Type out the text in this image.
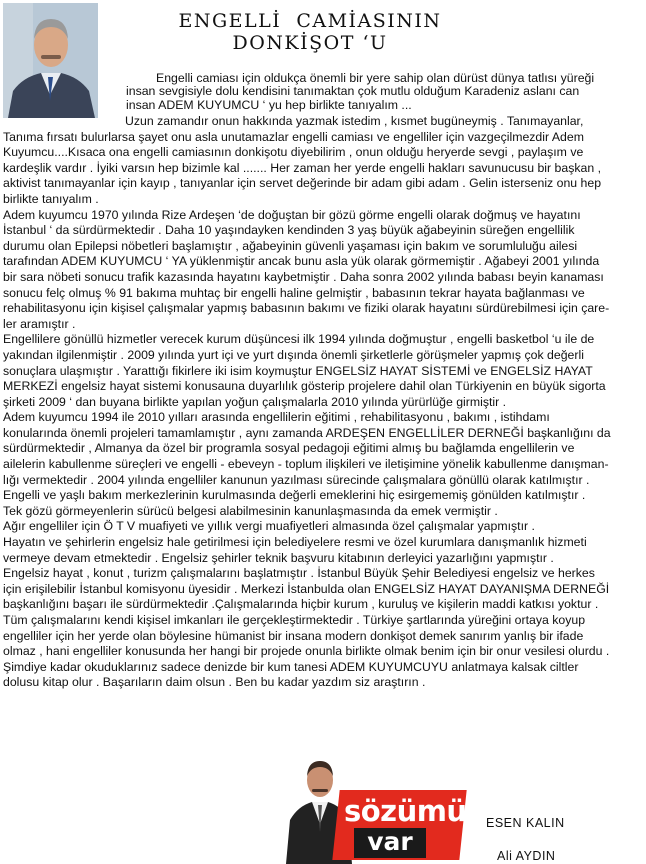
ENGELLİ  CAMİASININ
DONKİŞOT ‘U

Engelli camiası için oldukça önemli bir yere sahip olan dürüst dünya tatlısı yüreği

insan sevgisiyle dolu kendisini tanımaktan çok mutlu olduğum Karadeniz aslanı can

insan ADEM KUYUMCU ‘ yu hep birlikte tanıyalım ...

Uzun zamandır onun hakkında yazmak istedim , kısmet bugüneymiş . Tanımayanlar,

Tanıma fırsatı bulurlarsa şayet onu asla unutamazlar engelli camiası ve engelliler için vazgeçilmezdir Adem

Kuyumcu....Kısaca ona engelli camiasının donkişotu diyebilirim , onun olduğu heryerde sevgi , paylaşım ve

kardeşlik vardır . İyiki varsın hep bizimle kal ....... Her zaman her yerde engelli hakları savunucusu bir başkan ,

aktivist tanımayanlar için kayıp , tanıyanlar için servet değerinde bir adam gibi adam . Gelin isterseniz onu hep

birlikte tanıyalım .

Adem kuyumcu 1970 yılında Rize Ardeşen ‘de doğuştan bir gözü görme engelli olarak doğmuş ve hayatını

İstanbul ‘ da sürdürmektedir . Daha 10 yaşındayken kendinden 3 yaş büyük ağabeyinin süreğen engellilik

durumu olan Epilepsi nöbetleri başlamıştır , ağabeyinin güvenli yaşaması için bakım ve sorumluluğu ailesi

tarafından ADEM KUYUMCU ‘ YA yüklenmiştir ancak bunu asla yük olarak görmemiştir . Ağabeyi 2001 yılında

bir sara nöbeti sonucu trafik kazasında hayatını kaybetmiştir . Daha sonra 2002 yılında babası beyin kanaması

sonucu felç olmuş % 91 bakıma muhtaç bir engelli haline gelmiştir , babasının tekrar hayata bağlanması ve

rehabilitasyonu için kişisel çalışmalar yapmış babasının bakımı ve fiziki olarak hayatını sürdürebilmesi için çare-

ler aramıştır .

Engellilere gönüllü hizmetler verecek kurum düşüncesi ilk 1994 yılında doğmuştur , engelli basketbol ‘u ile de

yakından ilgilenmiştir . 2009 yılında yurt içi ve yurt dışında önemli şirketlerle görüşmeler yapmış çok değerli

sonuçlara ulaşmıştır . Yarattığı fikirlere iki isim koymuştur ENGELSİZ HAYAT SİSTEMİ ve ENGELSİZ HAYAT

MERKEZİ engelsiz hayat sistemi konusauna duyarlılık gösterip projelere dahil olan Türkiyenin en büyük sigorta

şirketi 2009 ‘ dan buyana birlikte yapılan yoğun çalışmalarla 2010 yılında yürürlüğe girmiştir .

Adem kuyumcu 1994 ile 2010 yılları arasında engellilerin eğitimi , rehabilitasyonu , bakımı , istihdamı

konularında önemli projeleri tamamlamıştır , aynı zamanda ARDEŞEN ENGELLİLER DERNEĞİ başkanlığını da

sürdürmektedir , Almanya da özel bir programla sosyal pedagoji eğitimi almış bu bağlamda engellilerin ve

ailelerin kabullenme süreçleri ve engelli - ebeveyn - toplum ilişkileri ve iletişimine yönelik kabullenme danışman-

lığı vermektedir . 2004 yılında engelliler kanunun yazılması sürecinde çalışmalara gönüllü olarak katılmıştır .

Engelli ve yaşlı bakım merkezlerinin kurulmasında değerli emeklerini hiç esirgememiş gönülden katılmıştır .

Tek gözü görmeyenlerin sürücü belgesi alabilmesinin kanunlaşmasında da emek vermiştir .

Ağır engelliler için Ö T V muafiyeti ve yıllık vergi muafiyetleri almasında özel çalışmalar yapmıştır .

Hayatın ve şehirlerin engelsiz hale getirilmesi için belediyelere resmi ve özel kurumlara danışmanlık hizmeti

vermeye devam etmektedir . Engelsiz şehirler teknik başvuru kitabının derleyici yazarlığını yapmıştır .

Engelsiz hayat , konut , turizm çalışmalarını başlatmıştır . İstanbul Büyük Şehir Belediyesi engelsiz ve herkes

için erişilebilir İstanbul komisyonu üyesidir . Merkezi İstanbulda olan ENGELSİZ HAYAT DAYANIŞMA DERNEĞİ

başkanlığını başarı ile sürdürmektedir .Çalışmalarında hiçbir kurum , kuruluş ve kişilerin maddi katkısı yoktur .

Tüm çalışmalarını kendi kişisel imkanları ile gerçekleştirmektedir . Türkiye şartlarında yüreğini ortaya koyup

engelliler için her yerde olan böylesine hümanist bir insana modern donkişot demek sanırım yanlış bir ifade

olmaz , hani engelliler konusunda her hangi bir projede onunla birlikte olmak benim için bir onur vesilesi olurdu .

Şimdiye kadar okuduklarınız sadece denizde bir kum tanesi ADEM KUYUMCUYU anlatmaya kalsak ciltler

dolusu kitap olur . Başarıların daim olsun . Ben bu kadar yazdım siz araştırın .

sözümüz
var
ESEN KALIN
Ali AYDIN
